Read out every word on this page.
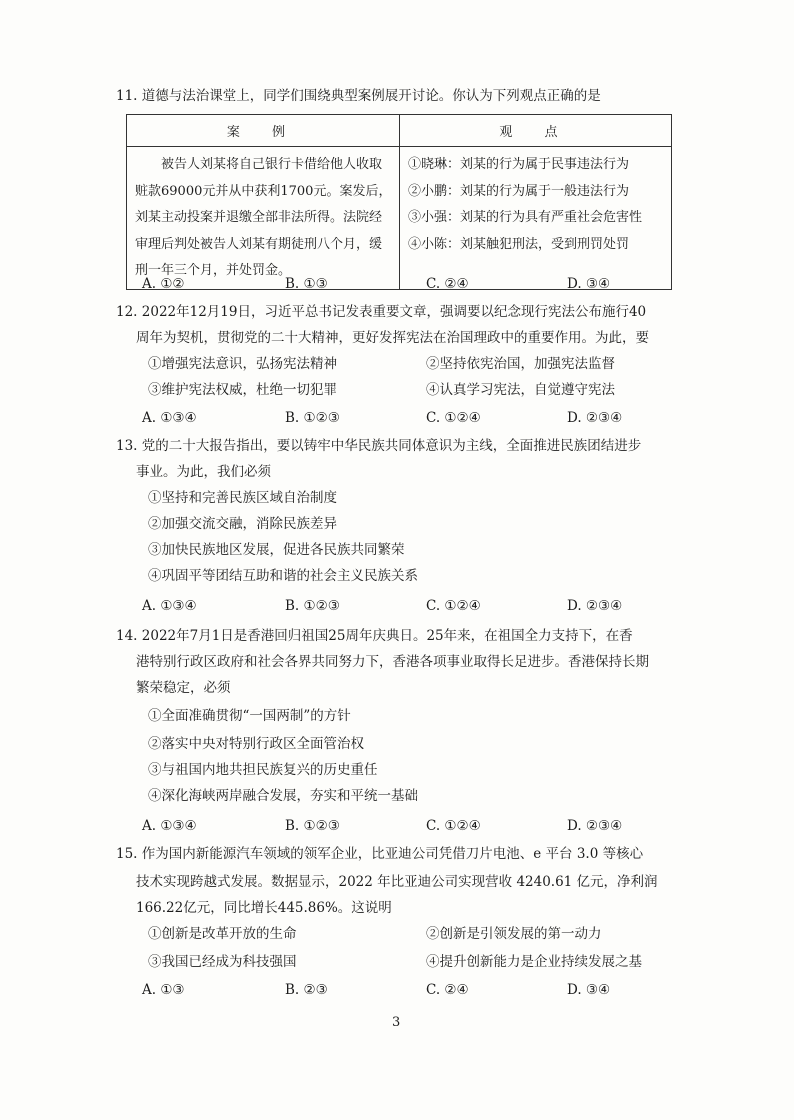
11. 道德与法治课堂上，同学们围绕典型案例展开讨论。你认为下列观点正确的是
案 例	观 点

被告人刘某将自己银行卡借给他人收取赃款69000元并从中获利1700元。案发后，刘某主动投案并退缴全部非法所得。法院经审理后判处被告人刘某有期徒刑八个月，缓刑一年三个月，并处罚金。	①晓琳：刘某的行为属于民事违法行为
②小鹏：刘某的行为属于一般违法行为
③小强：刘某的行为具有严重社会危害性
④小陈：刘某触犯刑法，受到刑罚处罚
A. ①②	B. ①③	C. ②④	D. ③④
12. 2022年12月19日，习近平总书记发表重要文章，强调要以纪念现行宪法公布施行40
周年为契机，贯彻党的二十大精神，更好发挥宪法在治国理政中的重要作用。为此，要
①增强宪法意识，弘扬宪法精神	②坚持依宪治国，加强宪法监督
③维护宪法权威，杜绝一切犯罪	④认真学习宪法，自觉遵守宪法
A. ①③④	B. ①②③	C. ①②④	D. ②③④
13. 党的二十大报告指出，要以铸牢中华民族共同体意识为主线，全面推进民族团结进步
事业。为此，我们必须
①坚持和完善民族区域自治制度
②加强交流交融，消除民族差异
③加快民族地区发展，促进各民族共同繁荣
④巩固平等团结互助和谐的社会主义民族关系
A. ①③④	B. ①②③	C. ①②④	D. ②③④
14. 2022年7月1日是香港回归祖国25周年庆典日。25年来，在祖国全力支持下，在香
港特别行政区政府和社会各界共同努力下，香港各项事业取得长足进步。香港保持长期
繁荣稳定，必须
①全面准确贯彻“一国两制”的方针
②落实中央对特别行政区全面管治权
③与祖国内地共担民族复兴的历史重任
④深化海峡两岸融合发展，夯实和平统一基础
A. ①③④	B. ①②③	C. ①②④	D. ②③④
15. 作为国内新能源汽车领域的领军企业，比亚迪公司凭借刀片电池、e 平台 3.0 等核心
技术实现跨越式发展。数据显示，2022 年比亚迪公司实现营收 4240.61 亿元，净利润
166.22亿元，同比增长445.86%。这说明
①创新是改革开放的生命	②创新是引领发展的第一动力
③我国已经成为科技强国	④提升创新能力是企业持续发展之基
A. ①③	B. ②③	C. ②④	D. ③④
3
